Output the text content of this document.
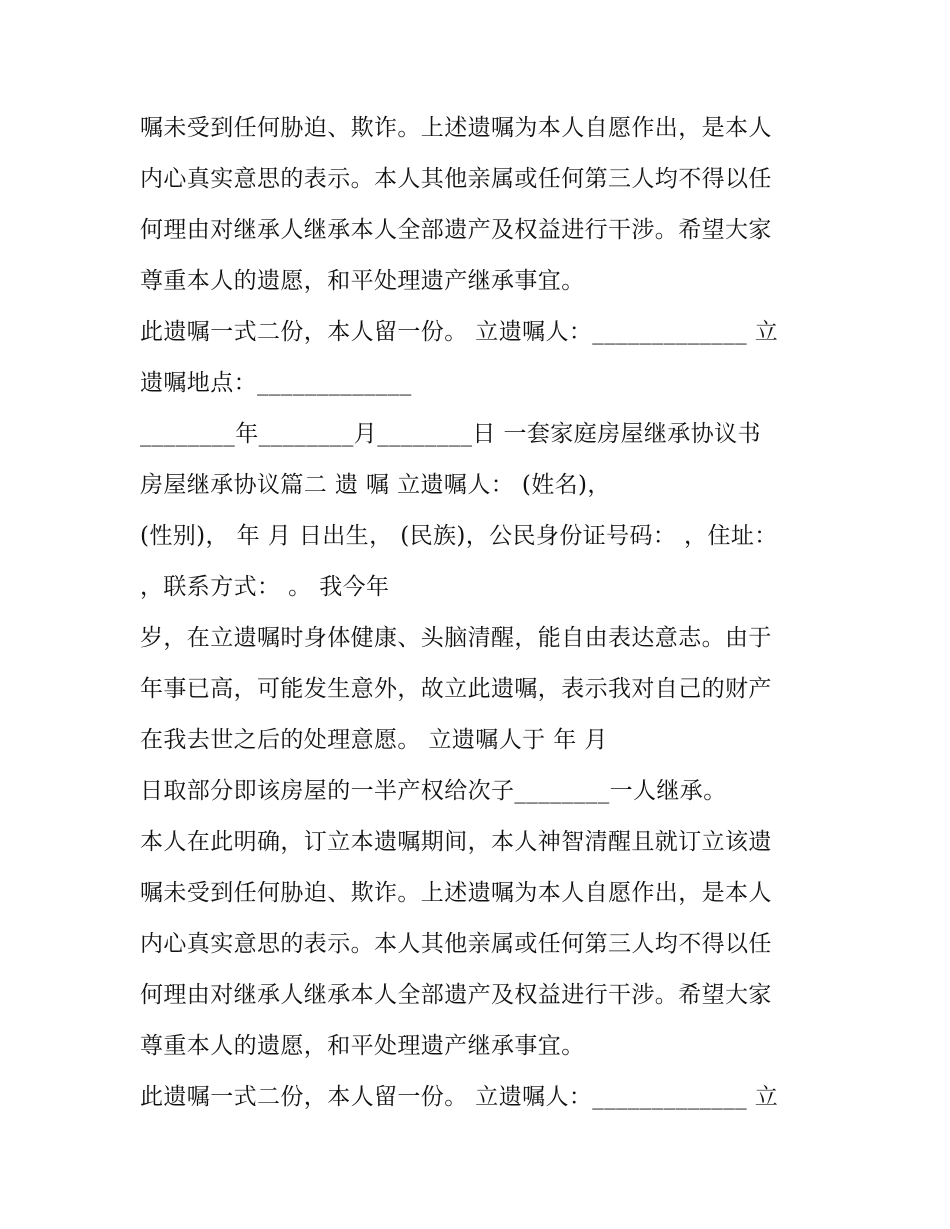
嘱未受到任何胁迫、欺诈。上述遗嘱为本人自愿作出，是本人
内心真实意思的表示。本人其他亲属或任何第三人均不得以任
何理由对继承人继承本人全部遗产及权益进行干涉。希望大家
尊重本人的遗愿，和平处理遗产继承事宜。
此遗嘱一式二份，本人留一份。 立遗嘱人：_____________ 立
遗嘱地点：_____________
________年________月________日 一套家庭房屋继承协议书
房屋继承协议篇二 遗 嘱 立遗嘱人： (姓名)，
(性别)， 年 月 日出生， (民族)，公民身份证号码： ，住址：
，联系方式： 。 我今年
岁，在立遗嘱时身体健康、头脑清醒，能自由表达意志。由于
年事已高，可能发生意外，故立此遗嘱，表示我对自己的财产
在我去世之后的处理意愿。 立遗嘱人于 年 月
日取部分即该房屋的一半产权给次子________一人继承。
本人在此明确，订立本遗嘱期间，本人神智清醒且就订立该遗
嘱未受到任何胁迫、欺诈。上述遗嘱为本人自愿作出，是本人
内心真实意思的表示。本人其他亲属或任何第三人均不得以任
何理由对继承人继承本人全部遗产及权益进行干涉。希望大家
尊重本人的遗愿，和平处理遗产继承事宜。
此遗嘱一式二份，本人留一份。 立遗嘱人：_____________ 立
